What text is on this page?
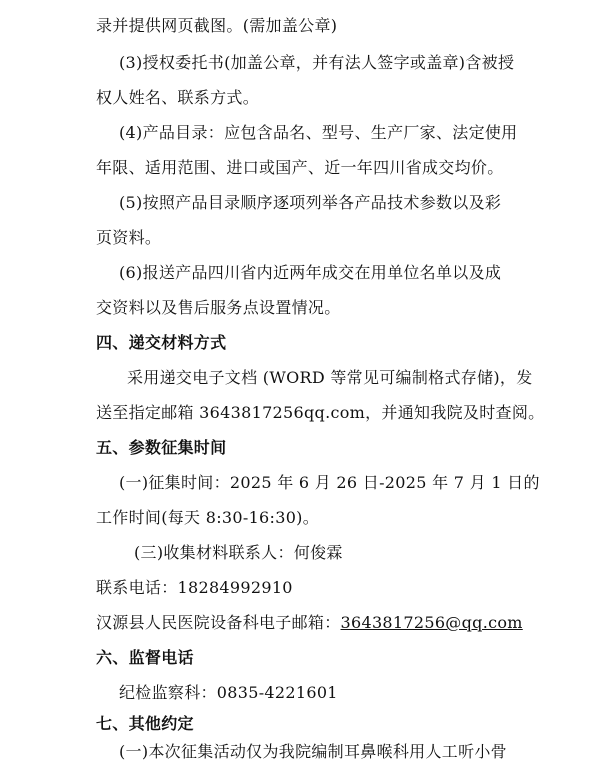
录并提供网页截图。(需加盖公章)
(3)授权委托书(加盖公章，并有法人签字或盖章)含被授
权人姓名、联系方式。
(4)产品目录：应包含品名、型号、生产厂家、法定使用
年限、适用范围、进口或国产、近一年四川省成交均价。
(5)按照产品目录顺序逐项列举各产品技术参数以及彩
页资料。
(6)报送产品四川省内近两年成交在用单位名单以及成
交资料以及售后服务点设置情况。
四、递交材料方式
采用递交电子文档 (WORD 等常见可编制格式存储)，发
送至指定邮箱 3643817256qq.com，并通知我院及时查阅。
五、参数征集时间
(一)征集时间：2025 年 6 月 26 日-2025 年 7 月 1 日的
工作时间(每天 8:30-16:30)。
(三)收集材料联系人：何俊霖
联系电话：18284992910
汉源县人民医院设备科电子邮箱：3643817256@qq.com
六、监督电话
纪检监察科：0835-4221601
七、其他约定
(一)本次征集活动仅为我院编制耳鼻喉科用人工听小骨
